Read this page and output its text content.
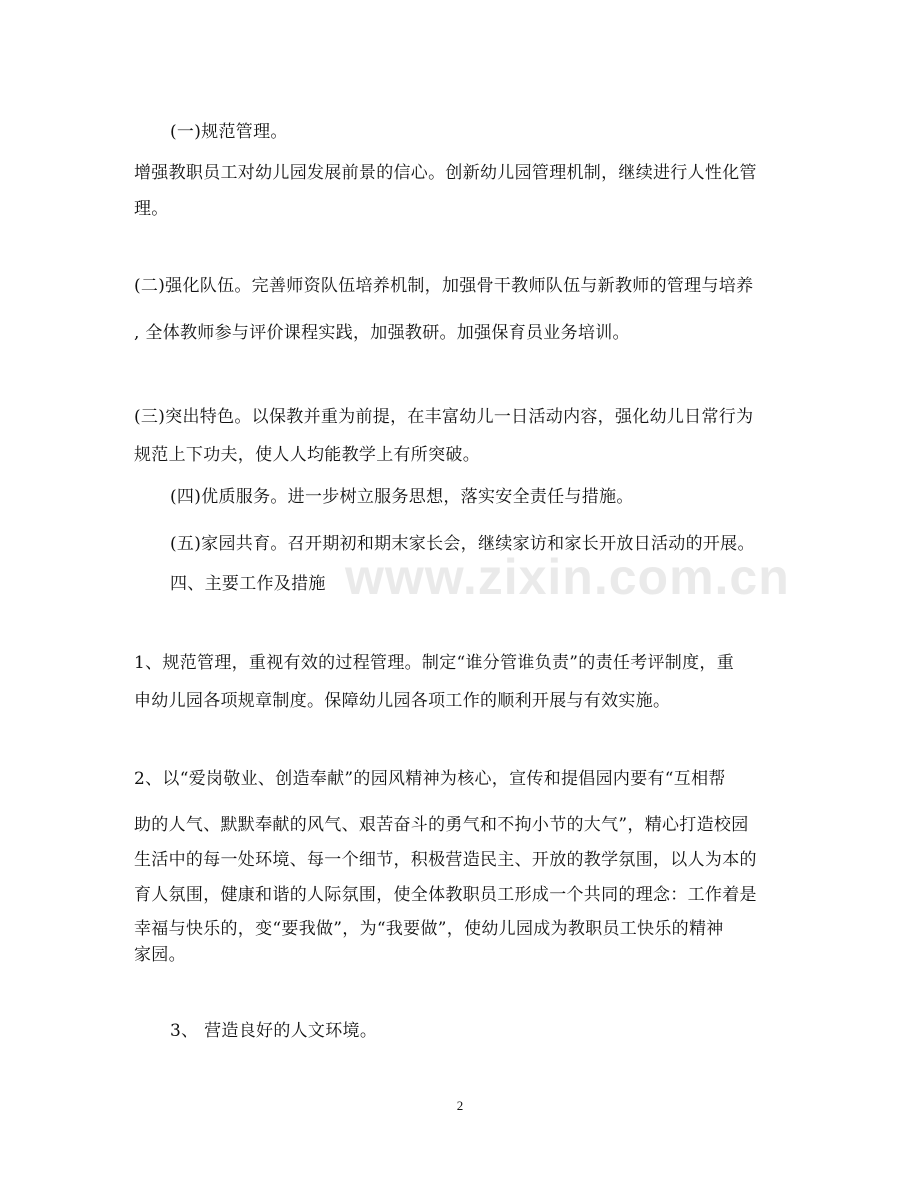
(一)规范管理。
增强教职员工对幼儿园发展前景的信心。创新幼儿园管理机制，继续进行人性化管
理。
(二)强化队伍。完善师资队伍培养机制，加强骨干教师队伍与新教师的管理与培养
, 全体教师参与评价课程实践，加强教研。加强保育员业务培训。
(三)突出特色。以保教并重为前提，在丰富幼儿一日活动内容，强化幼儿日常行为
规范上下功夫，使人人均能教学上有所突破。
(四)优质服务。进一步树立服务思想，落实安全责任与措施。
(五)家园共育。召开期初和期末家长会，继续家访和家长开放日活动的开展。
四、主要工作及措施
1、规范管理，重视有效的过程管理。制定“谁分管谁负责”的责任考评制度，重
申幼儿园各项规章制度。保障幼儿园各项工作的顺利开展与有效实施。
2、以“爱岗敬业、创造奉献”的园风精神为核心，宣传和提倡园内要有“互相帮
助的人气、默默奉献的风气、艰苦奋斗的勇气和不拘小节的大气”，精心打造校园
生活中的每一处环境、每一个细节，积极营造民主、开放的教学氛围，以人为本的
育人氛围，健康和谐的人际氛围，使全体教职员工形成一个共同的理念：工作着是
幸福与快乐的，变“要我做”，为“我要做”，使幼儿园成为教职员工快乐的精神
家园。
3、 营造良好的人文环境。
www.zixin.com.cn
2
